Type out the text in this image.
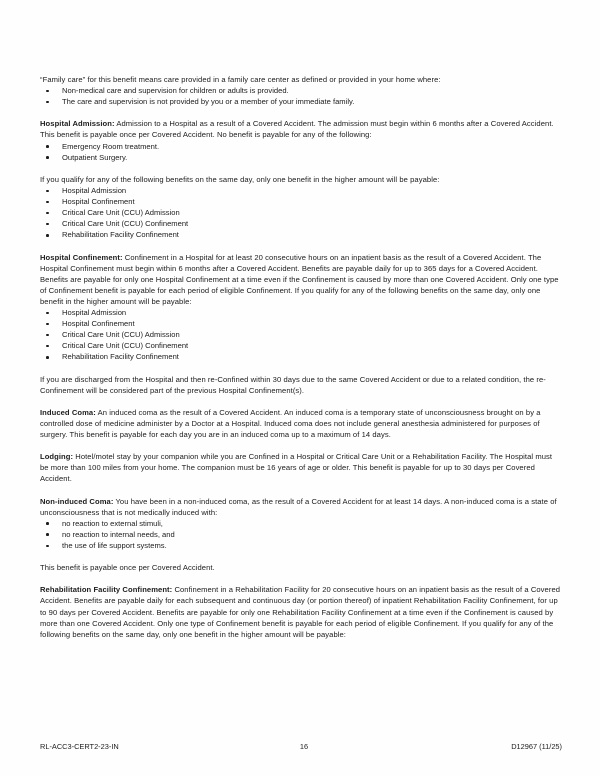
“Family care” for this benefit means care provided in a family care center as defined or provided in your home where:

Non-medical care and supervision for children or adults is provided.
The care and supervision is not provided by you or a member of your immediate family.

Hospital Admission: Admission to a Hospital as a result of a Covered Accident. The admission must begin within 6 months after a Covered Accident. This benefit is payable once per Covered Accident. No benefit is payable for any of the following:

Emergency Room treatment.
Outpatient Surgery.

If you qualify for any of the following benefits on the same day, only one benefit in the higher amount will be payable:

Hospital Admission
Hospital Confinement
Critical Care Unit (CCU) Admission
Critical Care Unit (CCU) Confinement
Rehabilitation Facility Confinement

Hospital Confinement: Confinement in a Hospital for at least 20 consecutive hours on an inpatient basis as the result of a Covered Accident. The Hospital Confinement must begin within 6 months after a Covered Accident. Benefits are payable daily for up to 365 days for a Covered Accident. Benefits are payable for only one Hospital Confinement at a time even if the Confinement is caused by more than one Covered Accident. Only one type of Confinement benefit is payable for each period of eligible Confinement. If you qualify for any of the following benefits on the same day, only one benefit in the higher amount will be payable:

Hospital Admission
Hospital Confinement
Critical Care Unit (CCU) Admission
Critical Care Unit (CCU) Confinement
Rehabilitation Facility Confinement

If you are discharged from the Hospital and then re-Confined within 30 days due to the same Covered Accident or due to a related condition, the re-Confinement will be considered part of the previous Hospital Confinement(s).

Induced Coma: An induced coma as the result of a Covered Accident. An induced coma is a temporary state of unconsciousness brought on by a controlled dose of medicine administer by a Doctor at a Hospital. Induced coma does not include general anesthesia administered for purposes of surgery. This benefit is payable for each day you are in an induced coma up to a maximum of 14 days.

Lodging: Hotel/motel stay by your companion while you are Confined in a Hospital or Critical Care Unit or a Rehabilitation Facility. The Hospital must be more than 100 miles from your home. The companion must be 16 years of age or older. This benefit is payable for up to 30 days per Covered Accident.

Non-induced Coma: You have been in a non-induced coma, as the result of a Covered Accident for at least 14 days. A non-induced coma is a state of unconsciousness that is not medically induced with:

no reaction to external stimuli,
no reaction to internal needs, and
the use of life support systems.

This benefit is payable once per Covered Accident.

Rehabilitation Facility Confinement: Confinement in a Rehabilitation Facility for 20 consecutive hours on an inpatient basis as the result of a Covered Accident. Benefits are payable daily for each subsequent and continuous day (or portion thereof) of inpatient Rehabilitation Facility Confinement, for up to 90 days per Covered Accident. Benefits are payable for only one Rehabilitation Facility Confinement at a time even if the Confinement is caused by more than one Covered Accident. Only one type of Confinement benefit is payable for each period of eligible Confinement. If you qualify for any of the following benefits on the same day, only one benefit in the higher amount will be payable:

RL-ACC3-CERT2-23-IN	16	D12967 (11/25)
